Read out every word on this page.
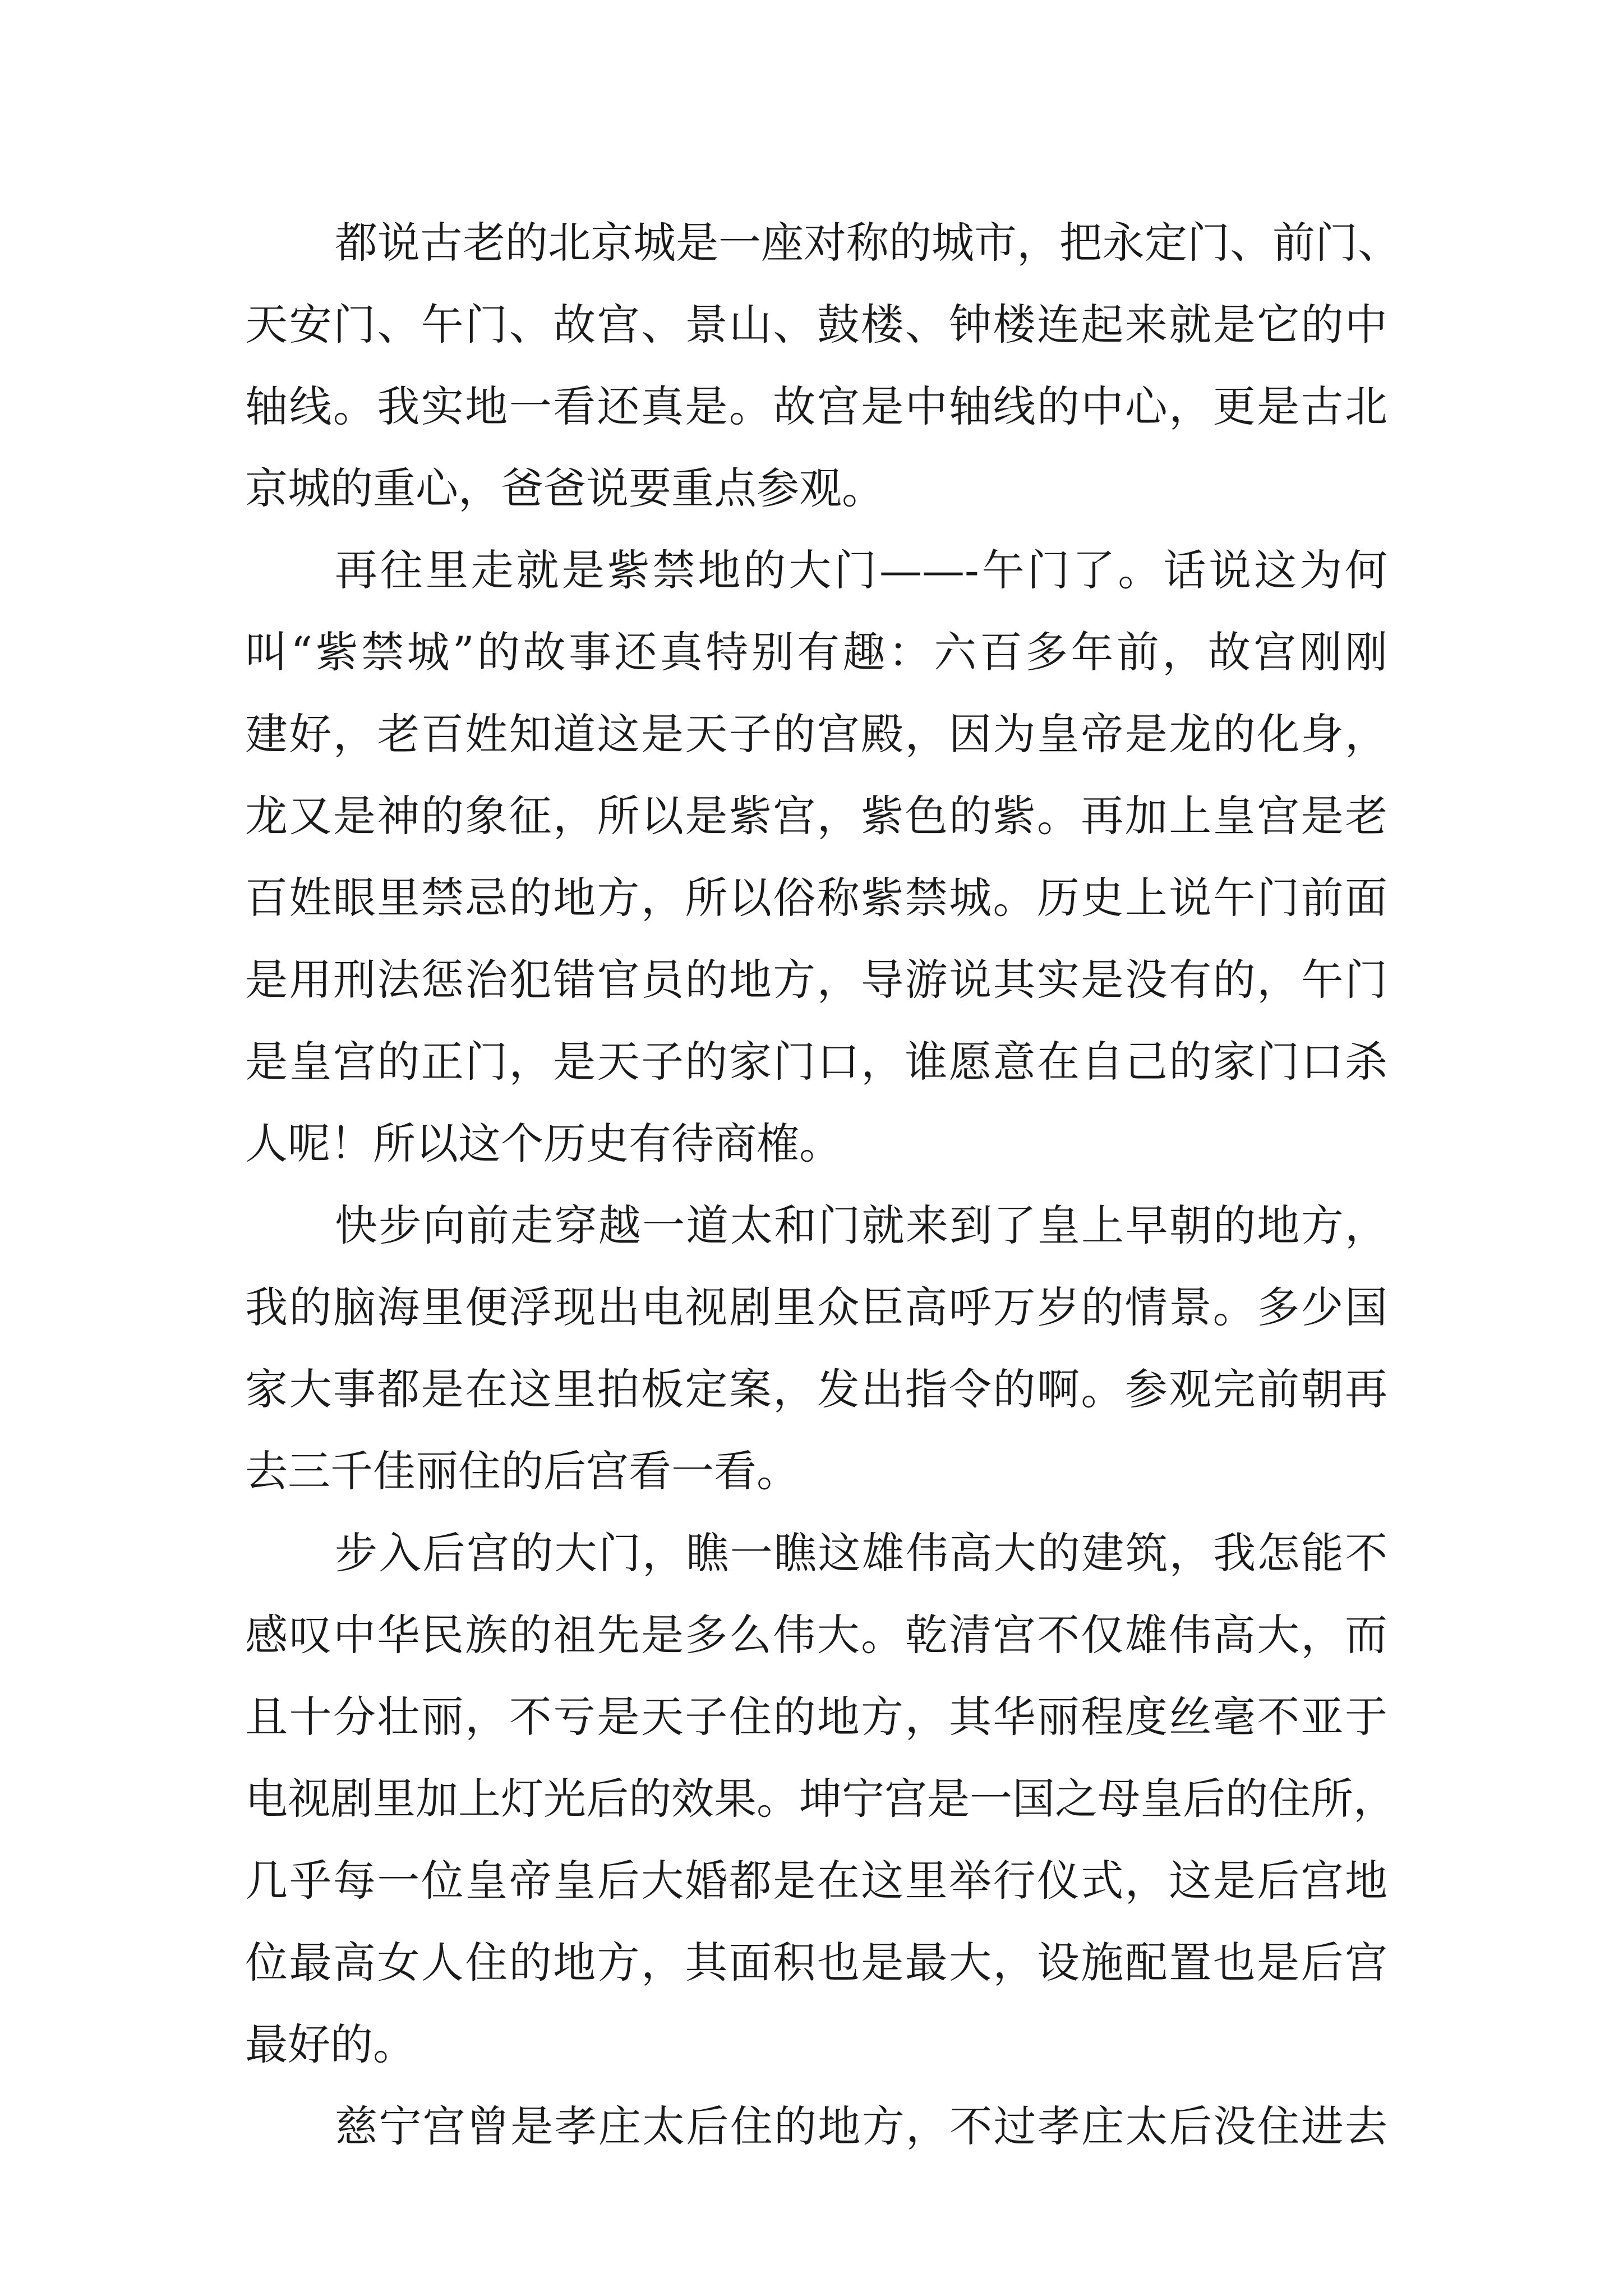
都说古老的北京城是一座对称的城市，把永定门、前门、
天安门、午门、故宫、景山、鼓楼、钟楼连起来就是它的中
轴线。我实地一看还真是。故宫是中轴线的中心，更是古北
京城的重心，爸爸说要重点参观。
再往里走就是紫禁地的大门——-午门了。话说这为何
叫“紫禁城”的故事还真特别有趣：六百多年前，故宫刚刚
建好，老百姓知道这是天子的宫殿，因为皇帝是龙的化身，
龙又是神的象征，所以是紫宫，紫色的紫。再加上皇宫是老
百姓眼里禁忌的地方，所以俗称紫禁城。历史上说午门前面
是用刑法惩治犯错官员的地方，导游说其实是没有的，午门
是皇宫的正门，是天子的家门口，谁愿意在自己的家门口杀
人呢！所以这个历史有待商榷。
快步向前走穿越一道太和门就来到了皇上早朝的地方，
我的脑海里便浮现出电视剧里众臣高呼万岁的情景。多少国
家大事都是在这里拍板定案，发出指令的啊。参观完前朝再
去三千佳丽住的后宫看一看。
步入后宫的大门，瞧一瞧这雄伟高大的建筑，我怎能不
感叹中华民族的祖先是多么伟大。乾清宫不仅雄伟高大，而
且十分壮丽，不亏是天子住的地方，其华丽程度丝毫不亚于
电视剧里加上灯光后的效果。坤宁宫是一国之母皇后的住所，
几乎每一位皇帝皇后大婚都是在这里举行仪式，这是后宫地
位最高女人住的地方，其面积也是最大，设施配置也是后宫
最好的。
慈宁宫曾是孝庄太后住的地方，不过孝庄太后没住进去
